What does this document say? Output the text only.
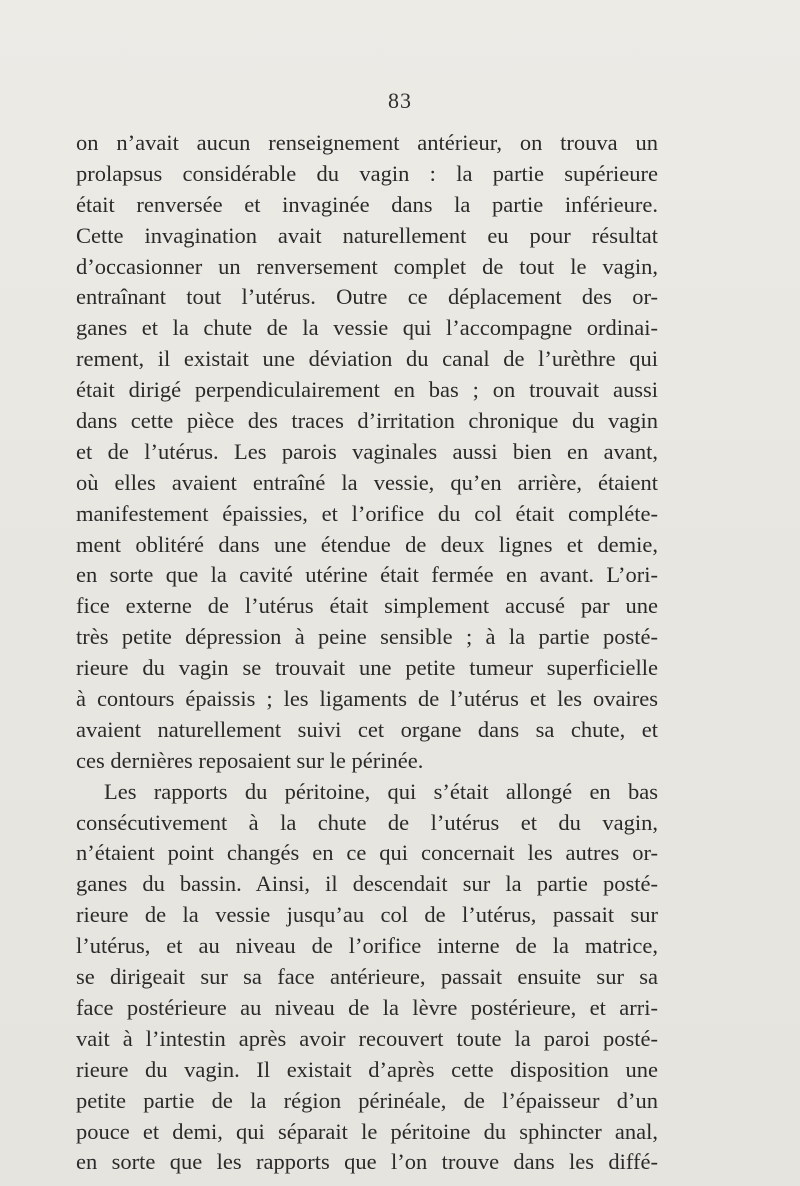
83
on n’avait aucun renseignement antérieur, on trouva un
prolapsus considérable du vagin : la partie supérieure
était renversée et invaginée dans la partie inférieure.
Cette invagination avait naturellement eu pour résultat
d’occasionner un renversement complet de tout le vagin,
entraînant tout l’utérus. Outre ce déplacement des or-
ganes et la chute de la vessie qui l’accompagne ordinai-
rement, il existait une déviation du canal de l’urèthre qui
était dirigé perpendiculairement en bas ; on trouvait aussi
dans cette pièce des traces d’irritation chronique du vagin
et de l’utérus. Les parois vaginales aussi bien en avant,
où elles avaient entraîné la vessie, qu’en arrière, étaient
manifestement épaissies, et l’orifice du col était compléte-
ment oblitéré dans une étendue de deux lignes et demie,
en sorte que la cavité utérine était fermée en avant. L’ori-
fice externe de l’utérus était simplement accusé par une
très petite dépression à peine sensible ; à la partie posté-
rieure du vagin se trouvait une petite tumeur superficielle
à contours épaissis ; les ligaments de l’utérus et les ovaires
avaient naturellement suivi cet organe dans sa chute, et
ces dernières reposaient sur le périnée.
Les rapports du péritoine, qui s’était allongé en bas
consécutivement à la chute de l’utérus et du vagin,
n’étaient point changés en ce qui concernait les autres or-
ganes du bassin. Ainsi, il descendait sur la partie posté-
rieure de la vessie jusqu’au col de l’utérus, passait sur
l’utérus, et au niveau de l’orifice interne de la matrice,
se dirigeait sur sa face antérieure, passait ensuite sur sa
face postérieure au niveau de la lèvre postérieure, et arri-
vait à l’intestin après avoir recouvert toute la paroi posté-
rieure du vagin. Il existait d’après cette disposition une
petite partie de la région périnéale, de l’épaisseur d’un
pouce et demi, qui séparait le péritoine du sphincter anal,
en sorte que les rapports que l’on trouve dans les diffé-
